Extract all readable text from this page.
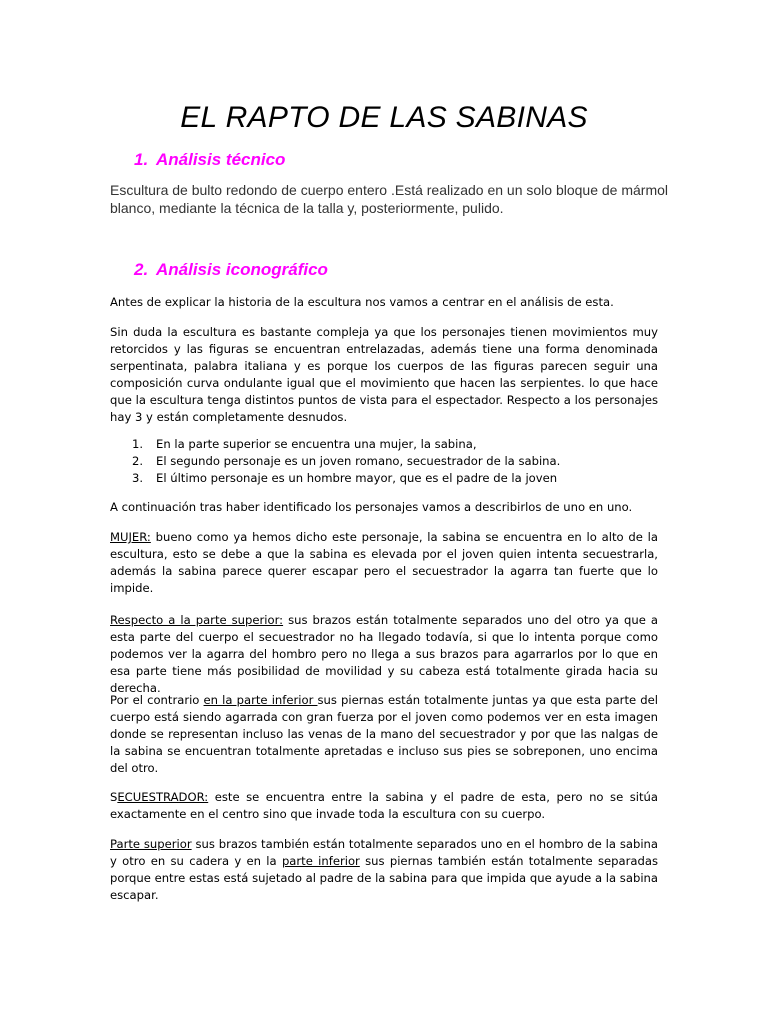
EL RAPTO DE LAS SABINAS
1. Análisis técnico

Escultura de bulto redondo de cuerpo entero .Está realizado en un solo bloque de mármol blanco, mediante la técnica de la talla y, posteriormente, pulido.

2. Análisis iconográfico

Antes de explicar la historia de la escultura nos vamos a centrar en el análisis de esta.

Sin duda la escultura es bastante compleja ya que los personajes tienen movimientos muy retorcidos y las figuras se encuentran entrelazadas, además tiene una forma denominada serpentinata, palabra italiana y es porque los cuerpos de las figuras parecen seguir una composición curva ondulante igual que el movimiento que hacen las serpientes. lo que hace que la escultura tenga distintos puntos de vista para el espectador. Respecto a los personajes hay 3 y están completamente desnudos.

1. En la parte superior se encuentra una mujer, la sabina,
2. El segundo personaje es un joven romano, secuestrador de la sabina.
3. El último personaje es un hombre mayor, que es el padre de la joven

A continuación tras haber identificado los personajes vamos a describirlos de uno en uno.

MUJER: bueno como ya hemos dicho este personaje, la sabina se encuentra en lo alto de la escultura, esto se debe a que la sabina es elevada por el joven quien intenta secuestrarla, además la sabina parece querer escapar pero el secuestrador la agarra tan fuerte que lo impide.

Respecto a la parte superior: sus brazos están totalmente separados uno del otro ya que a esta parte del cuerpo el secuestrador no ha llegado todavía, si que lo intenta porque como podemos ver la agarra del hombro pero no llega a sus brazos para agarrarlos por lo que en esa parte tiene más posibilidad de movilidad y su cabeza está totalmente girada hacia su derecha.

Por el contrario en la parte inferior sus piernas están totalmente juntas ya que esta parte del cuerpo está siendo agarrada con gran fuerza por el joven como podemos ver en esta imagen donde se representan incluso las venas de la mano del secuestrador y por que las nalgas de la sabina se encuentran totalmente apretadas e incluso sus pies se sobreponen, uno encima del otro.

SECUESTRADOR: este se encuentra entre la sabina y el padre de esta, pero no se sitúa exactamente en el centro sino que invade toda la escultura con su cuerpo.

Parte superior sus brazos también están totalmente separados uno en el hombro de la sabina y otro en su cadera y en la parte inferior sus piernas también están totalmente separadas porque entre estas está sujetado al padre de la sabina para que impida que ayude a la sabina escapar.
